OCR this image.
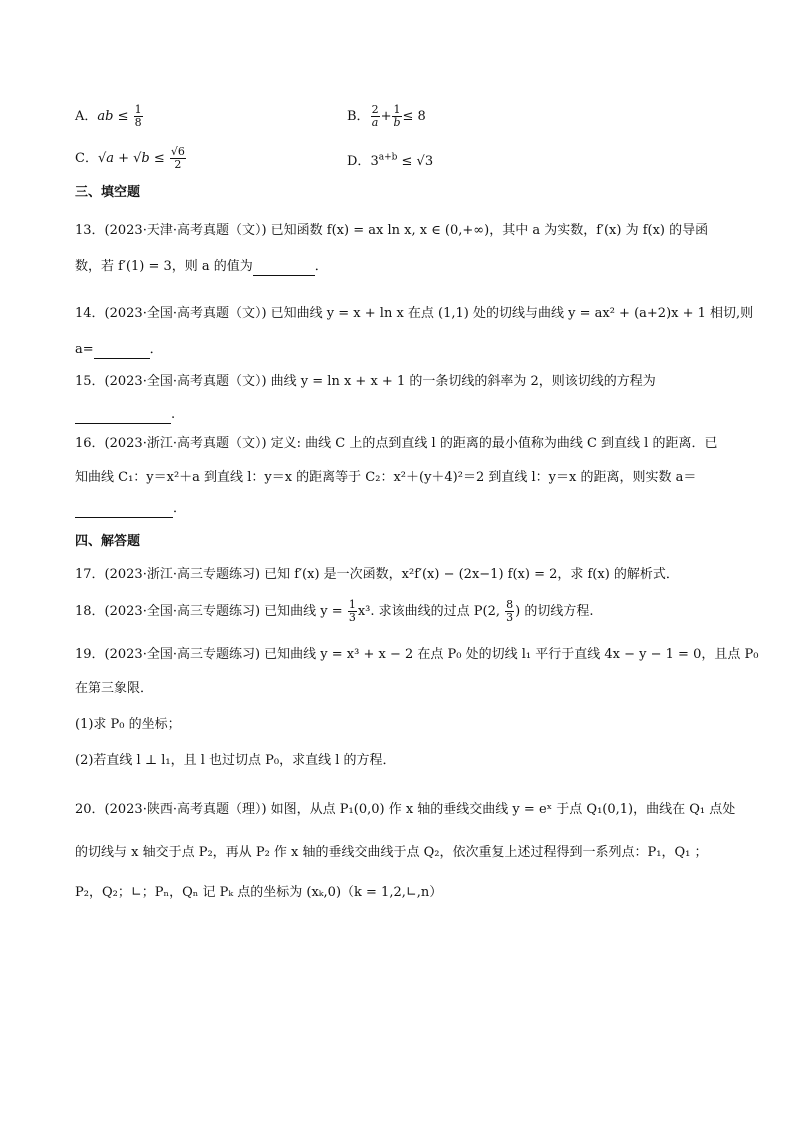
A．ab ≤ $\frac{1}{8}$	B． $\frac{2}{a} + \frac{1}{b} \le 8$
C．$√a + √b \le \frac{√6}{2}$	D．$3^{a+b} \le √3$
三、填空题
13．(2023·天津·高考真题（文）) 已知函数 f(x) = ax ln x, x ∈ (0,+∞)，其中 a 为实数，f′(x) 为 f(x) 的导函
数，若 f′(1) = 3，则 a 的值为	．
14．(2023·全国·高考真题（文）) 已知曲线 y = x + ln x 在点 (1,1) 处的切线与曲线 y = ax² + (a+2)x + 1 相切,则
a=	．
15．(2023·全国·高考真题（文）) 曲线 y = ln x + x + 1 的一条切线的斜率为 2，则该切线的方程为
.
16．(2023·浙江·高考真题（文）) 定义: 曲线 C 上的点到直线 l 的距离的最小值称为曲线 C 到直线 l 的距离．已
知曲线 C₁：y＝x²＋a 到直线 l：y＝x 的距离等于 C₂：x²＋(y＋4)²＝2 到直线 l：y＝x 的距离，则实数 a＝
．
四、解答题
17．(2023·浙江·高三专题练习) 已知 f′(x) 是一次函数，x²f′(x) − (2x−1) f(x) = 2，求 f(x) 的解析式．
18．(2023·全国·高三专题练习) 已知曲线 $y = \frac{1}{3} x^3$. 求该曲线的过点 P(2, $\frac{8}{3}$ ) 的切线方程.
19．(2023·全国·高三专题练习) 已知曲线 y = x³ + x − 2 在点 P₀ 处的切线 l₁ 平行于直线 4x − y − 1 = 0，且点 P₀
在第三象限．
(1)求 P₀ 的坐标；
(2)若直线 l ⊥ l₁，且 l 也过切点 P₀，求直线 l 的方程．
20．(2023·陕西·高考真题（理）) 如图，从点 P₁(0,0) 作 x 轴的垂线交曲线 y = eˣ 于点 Q₁(0,1)，曲线在 Q₁ 点处
的切线与 x 轴交于点 P₂，再从 P₂ 作 x 轴的垂线交曲线于点 Q₂，依次重复上述过程得到一系列点：P₁，Q₁ ；
P₂，Q₂；∟；Pₙ，Qₙ 记 Pₖ 点的坐标为 (xₖ,0)（k = 1,2,∟,n）
